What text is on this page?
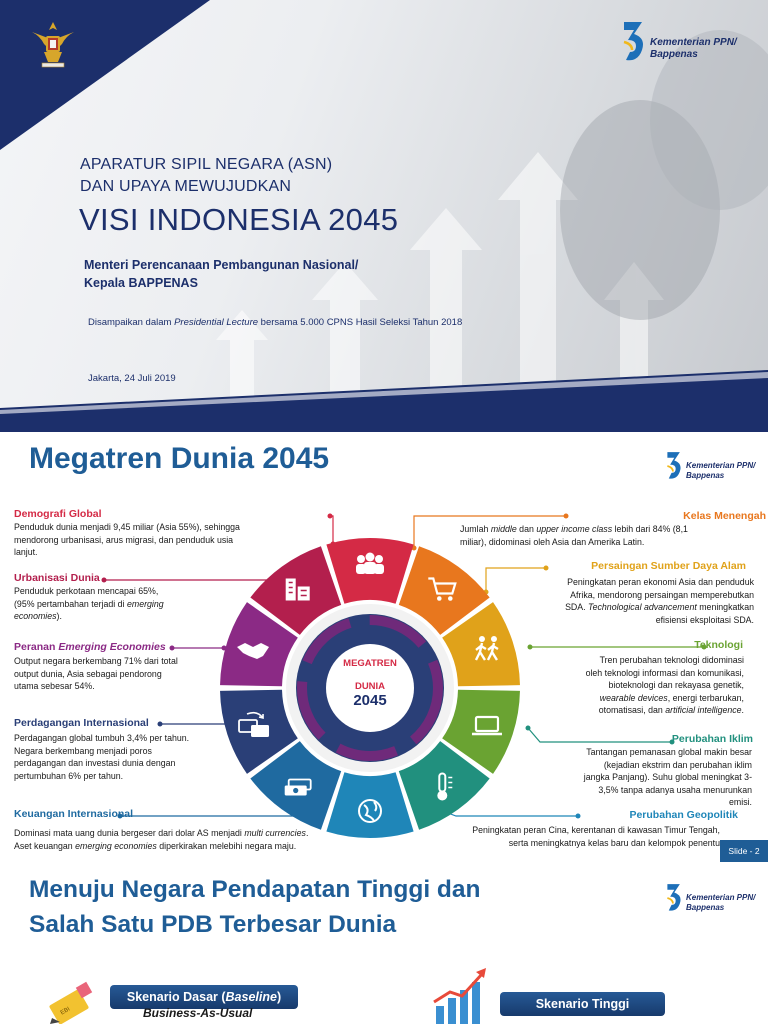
Kementerian PPN/
Bappenas
APARATUR SIPIL NEGARA (ASN)
DAN UPAYA MEWUJUDKAN
VISI INDONESIA 2045
Menteri Perencanaan Pembangunan Nasional/
Kepala BAPPENAS
Disampaikan dalam Presidential Lecture bersama 5.000 CPNS Hasil Seleksi Tahun 2018
Jakarta, 24 Juli 2019
Megatren Dunia 2045	Kementerian PPN/
Bappenas
MEGATREN
DUNIA
2045
Demografi Global
Penduduk dunia menjadi 9,45 miliar (Asia 55%), sehingga
mendorong urbanisasi, arus migrasi, dan penduduk usia
lanjut.
Urbanisasi Dunia
Penduduk perkotaan mencapai 65%,
(95% pertambahan terjadi di emerging
economies).
Peranan Emerging Economies
Output negara berkembang 71% dari total
output dunia, Asia sebagai pendorong
utama sebesar 54%.
Perdagangan Internasional
Perdagangan global tumbuh 3,4% per tahun.
Negara berkembang menjadi poros
perdagangan dan investasi dunia dengan
pertumbuhan 6% per tahun.
Keuangan Internasional
Dominasi mata uang dunia bergeser dari dolar AS menjadi multi currencies.
Aset keuangan emerging economies diperkirakan melebihi negara maju.
Kelas Menengah
Jumlah middle dan upper income class lebih dari 84% (8,1
miliar), didominasi oleh Asia dan Amerika Latin.
Persaingan Sumber Daya Alam
Peningkatan peran ekonomi Asia dan penduduk
Afrika, mendorong persaingan memperebutkan
SDA. Technological advancement meningkatkan
efisiensi eksploitasi SDA.
Teknologi
Tren perubahan teknologi didominasi
oleh teknologi informasi dan komunikasi,
bioteknologi dan rekayasa genetik,
wearable devices, energi terbarukan,
otomatisasi, dan artificial intelligence.
Perubahan Iklim
Tantangan pemanasan global makin besar
(kejadian ekstrim dan perubahan iklim
jangka Panjang). Suhu global meningkat 3-
3,5% tanpa adanya usaha menurunkan
emisi.
Perubahan Geopolitik
Peningkatan peran Cina, kerentanan di kawasan Timur Tengah,
serta meningkatnya kelas baru dan kelompok penentu
Slide - 2
Menuju Negara Pendapatan Tinggi dan
Salah Satu PDB Terbesar Dunia
Kementerian PPN/
Bappenas
EBI
Skenario Dasar (Baseline)
Business-As-Usual
Skenario Tinggi
